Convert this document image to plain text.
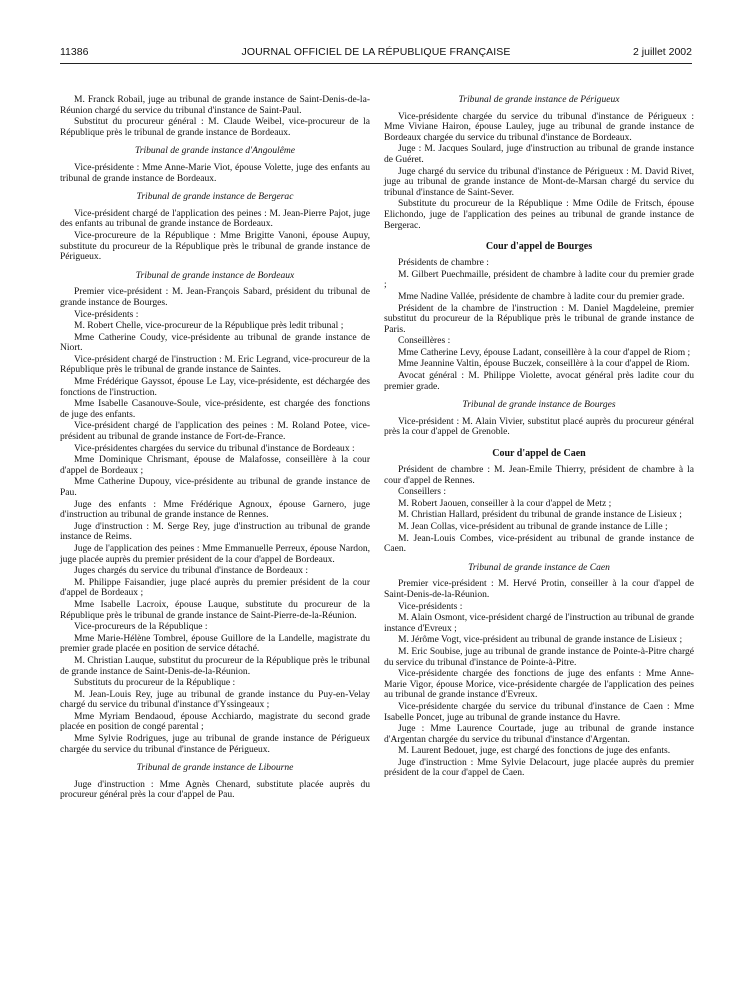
11386	JOURNAL OFFICIEL DE LA RÉPUBLIQUE FRANÇAISE	2 juillet 2002

M. Franck Robail, juge au tribunal de grande instance de Saint-Denis-de-la-Réunion chargé du service du tribunal d'instance de Saint-Paul.

Substitut du procureur général : M. Claude Weibel, vice-procureur de la République près le tribunal de grande instance de Bordeaux.

Tribunal de grande instance d'Angoulême

Vice-présidente : Mme Anne-Marie Viot, épouse Volette, juge des enfants au tribunal de grande instance de Bordeaux.

Tribunal de grande instance de Bergerac

Vice-président chargé de l'application des peines : M. Jean-Pierre Pajot, juge des enfants au tribunal de grande instance de Bordeaux.

Vice-procureure de la République : Mme Brigitte Vanoni, épouse Aupuy, substitute du procureur de la République près le tribunal de grande instance de Périgueux.

Tribunal de grande instance de Bordeaux

Premier vice-président : M. Jean-François Sabard, président du tribunal de grande instance de Bourges.

Vice-présidents :

M. Robert Chelle, vice-procureur de la République près ledit tribunal ;

Mme Catherine Coudy, vice-présidente au tribunal de grande instance de Niort.

Vice-président chargé de l'instruction : M. Eric Legrand, vice-procureur de la République près le tribunal de grande instance de Saintes.

Mme Frédérique Gayssot, épouse Le Lay, vice-présidente, est déchargée des fonctions de l'instruction.

Mme Isabelle Casanouve-Soule, vice-présidente, est chargée des fonctions de juge des enfants.

Vice-président chargé de l'application des peines : M. Roland Potee, vice-président au tribunal de grande instance de Fort-de-France.

Vice-présidentes chargées du service du tribunal d'instance de Bordeaux :

Mme Dominique Chrismant, épouse de Malafosse, conseillère à la cour d'appel de Bordeaux ;

Mme Catherine Dupouy, vice-présidente au tribunal de grande instance de Pau.

Juge des enfants : Mme Frédérique Agnoux, épouse Garnero, juge d'instruction au tribunal de grande instance de Rennes.

Juge d'instruction : M. Serge Rey, juge d'instruction au tribunal de grande instance de Reims.

Juge de l'application des peines : Mme Emmanuelle Perreux, épouse Nardon, juge placée auprès du premier président de la cour d'appel de Bordeaux.

Juges chargés du service du tribunal d'instance de Bordeaux :

M. Philippe Faisandier, juge placé auprès du premier président de la cour d'appel de Bordeaux ;

Mme Isabelle Lacroix, épouse Lauque, substitute du procureur de la République près le tribunal de grande instance de Saint-Pierre-de-la-Réunion.

Vice-procureurs de la République :

Mme Marie-Hélène Tombrel, épouse Guillore de la Landelle, magistrate du premier grade placée en position de service détaché.

M. Christian Lauque, substitut du procureur de la République près le tribunal de grande instance de Saint-Denis-de-la-Réunion.

Substituts du procureur de la République :

M. Jean-Louis Rey, juge au tribunal de grande instance du Puy-en-Velay chargé du service du tribunal d'instance d'Yssingeaux ;

Mme Myriam Bendaoud, épouse Acchiardo, magistrate du second grade placée en position de congé parental ;

Mme Sylvie Rodrigues, juge au tribunal de grande instance de Périgueux chargée du service du tribunal d'instance de Périgueux.

Tribunal de grande instance de Libourne

Juge d'instruction : Mme Agnès Chenard, substitute placée auprès du procureur général près la cour d'appel de Pau.

Tribunal de grande instance de Périgueux

Vice-présidente chargée du service du tribunal d'instance de Périgueux : Mme Viviane Hairon, épouse Lauley, juge au tribunal de grande instance de Bordeaux chargée du service du tribunal d'instance de Bordeaux.

Juge : M. Jacques Soulard, juge d'instruction au tribunal de grande instance de Guéret.

Juge chargé du service du tribunal d'instance de Périgueux : M. David Rivet, juge au tribunal de grande instance de Mont-de-Marsan chargé du service du tribunal d'instance de Saint-Sever.

Substitute du procureur de la République : Mme Odile de Fritsch, épouse Elichondo, juge de l'application des peines au tribunal de grande instance de Bergerac.

Cour d'appel de Bourges

Présidents de chambre :

M. Gilbert Puechmaille, président de chambre à ladite cour du premier grade ;

Mme Nadine Vallée, présidente de chambre à ladite cour du premier grade.

Président de la chambre de l'instruction : M. Daniel Magdeleine, premier substitut du procureur de la République près le tribunal de grande instance de Paris.

Conseillères :

Mme Catherine Levy, épouse Ladant, conseillère à la cour d'appel de Riom ;

Mme Jeannine Valtin, épouse Buczek, conseillère à la cour d'appel de Riom.

Avocat général : M. Philippe Violette, avocat général près ladite cour du premier grade.

Tribunal de grande instance de Bourges

Vice-président : M. Alain Vivier, substitut placé auprès du procureur général près la cour d'appel de Grenoble.

Cour d'appel de Caen

Président de chambre : M. Jean-Emile Thierry, président de chambre à la cour d'appel de Rennes.

Conseillers :

M. Robert Jaouen, conseiller à la cour d'appel de Metz ;

M. Christian Hallard, président du tribunal de grande instance de Lisieux ;

M. Jean Collas, vice-président au tribunal de grande instance de Lille ;

M. Jean-Louis Combes, vice-président au tribunal de grande instance de Caen.

Tribunal de grande instance de Caen

Premier vice-président : M. Hervé Protin, conseiller à la cour d'appel de Saint-Denis-de-la-Réunion.

Vice-présidents :

M. Alain Osmont, vice-président chargé de l'instruction au tribunal de grande instance d'Evreux ;

M. Jérôme Vogt, vice-président au tribunal de grande instance de Lisieux ;

M. Eric Soubise, juge au tribunal de grande instance de Pointe-à-Pitre chargé du service du tribunal d'instance de Pointe-à-Pitre.

Vice-présidente chargée des fonctions de juge des enfants : Mme Anne-Marie Vigor, épouse Morice, vice-présidente chargée de l'application des peines au tribunal de grande instance d'Evreux.

Vice-présidente chargée du service du tribunal d'instance de Caen : Mme Isabelle Poncet, juge au tribunal de grande instance du Havre.

Juge : Mme Laurence Courtade, juge au tribunal de grande instance d'Argentan chargée du service du tribunal d'instance d'Argentan.

M. Laurent Bedouet, juge, est chargé des fonctions de juge des enfants.

Juge d'instruction : Mme Sylvie Delacourt, juge placée auprès du premier président de la cour d'appel de Caen.
